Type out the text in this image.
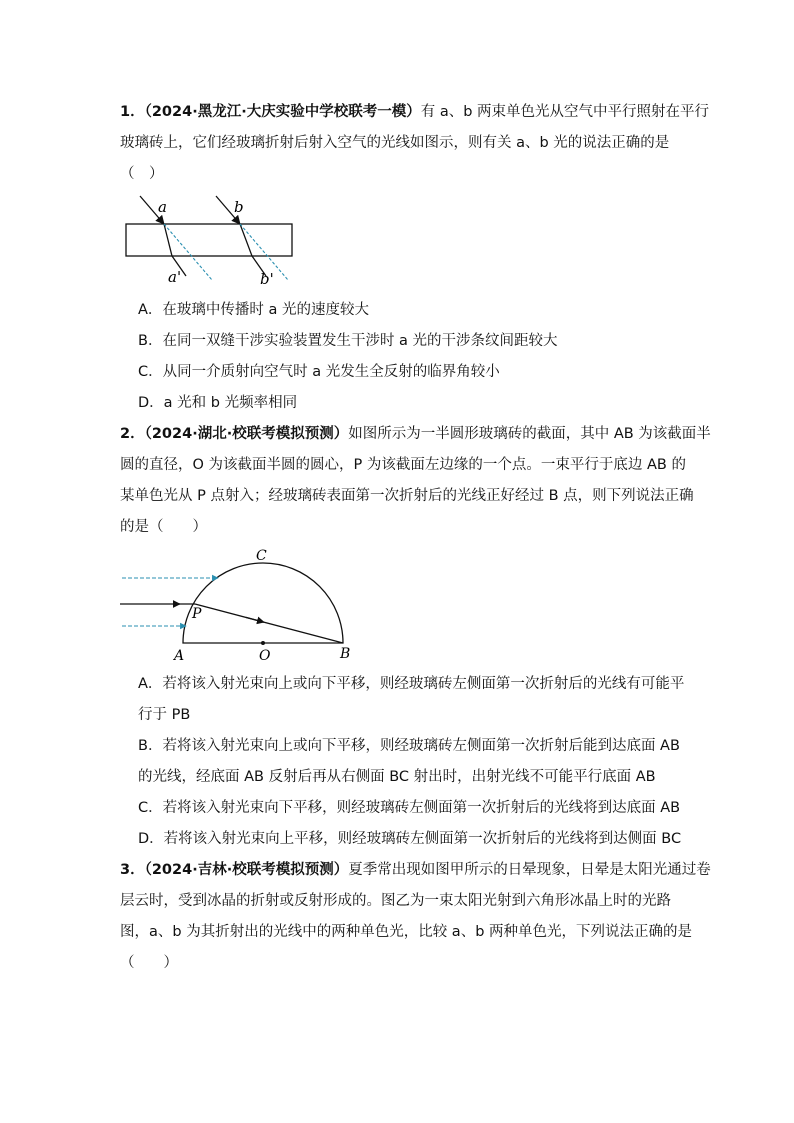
1．（2024·黑龙江·大庆实验中学校联考一模）有 a、b 两束单色光从空气中平行照射在平行
玻璃砖上，它们经玻璃折射后射入空气的光线如图示，则有关 a、b 光的说法正确的是
（　）
a	b
a'	b'
A．在玻璃中传播时 a 光的速度较大
B．在同一双缝干涉实验装置发生干涉时 a 光的干涉条纹间距较大
C．从同一介质射向空气时 a 光发生全反射的临界角较小
D．a 光和 b 光频率相同
2．（2024·湖北·校联考模拟预测）如图所示为一半圆形玻璃砖的截面，其中 AB 为该截面半
圆的直径，O 为该截面半圆的圆心，P 为该截面左边缘的一个点。一束平行于底边 AB 的
某单色光从 P 点射入；经玻璃砖表面第一次折射后的光线正好经过 B 点，则下列说法正确
的是（　　）
C
P
A	O	B
A．若将该入射光束向上或向下平移，则经玻璃砖左侧面第一次折射后的光线有可能平
行于 PB
B．若将该入射光束向上或向下平移，则经玻璃砖左侧面第一次折射后能到达底面 AB
的光线，经底面 AB 反射后再从右侧面 BC 射出时，出射光线不可能平行底面 AB
C．若将该入射光束向下平移，则经玻璃砖左侧面第一次折射后的光线将到达底面 AB
D．若将该入射光束向上平移，则经玻璃砖左侧面第一次折射后的光线将到达侧面 BC
3．（2024·吉林·校联考模拟预测）夏季常出现如图甲所示的日晕现象，日晕是太阳光通过卷
层云时，受到冰晶的折射或反射形成的。图乙为一束太阳光射到六角形冰晶上时的光路
图，a、b 为其折射出的光线中的两种单色光，比较 a、b 两种单色光，下列说法正确的是
（　　）
